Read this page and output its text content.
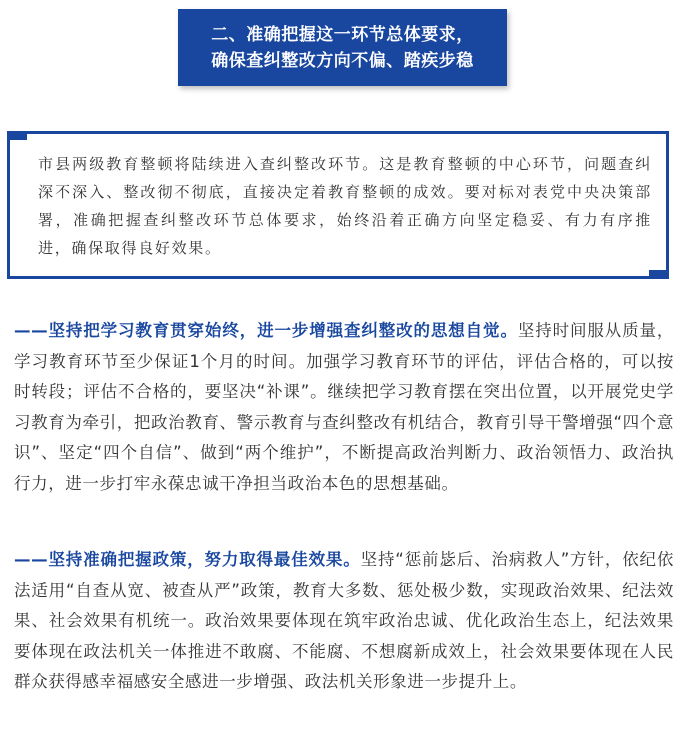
二、准确把握这一环节总体要求，
确保查纠整改方向不偏、踏疾步稳

市县两级教育整顿将陆续进入查纠整改环节。这是教育整顿的中心环节，问题查纠深不深入、整改彻不彻底，直接决定着教育整顿的成效。要对标对表党中央决策部署，准确把握查纠整改环节总体要求，始终沿着正确方向坚定稳妥、有力有序推进，确保取得良好效果。

——坚持把学习教育贯穿始终，进一步增强查纠整改的思想自觉。坚持时间服从质量，学习教育环节至少保证1个月的时间。加强学习教育环节的评估，评估合格的，可以按时转段；评估不合格的，要坚决“补课”。继续把学习教育摆在突出位置，以开展党史学习教育为牵引，把政治教育、警示教育与查纠整改有机结合，教育引导干警增强“四个意识”、坚定“四个自信”、做到“两个维护”，不断提高政治判断力、政治领悟力、政治执行力，进一步打牢永葆忠诚干净担当政治本色的思想基础。

——坚持准确把握政策，努力取得最佳效果。坚持“惩前毖后、治病救人”方针，依纪依法适用“自查从宽、被查从严”政策，教育大多数、惩处极少数，实现政治效果、纪法效果、社会效果有机统一。政治效果要体现在筑牢政治忠诚、优化政治生态上，纪法效果要体现在政法机关一体推进不敢腐、不能腐、不想腐新成效上，社会效果要体现在人民群众获得感幸福感安全感进一步增强、政法机关形象进一步提升上。
